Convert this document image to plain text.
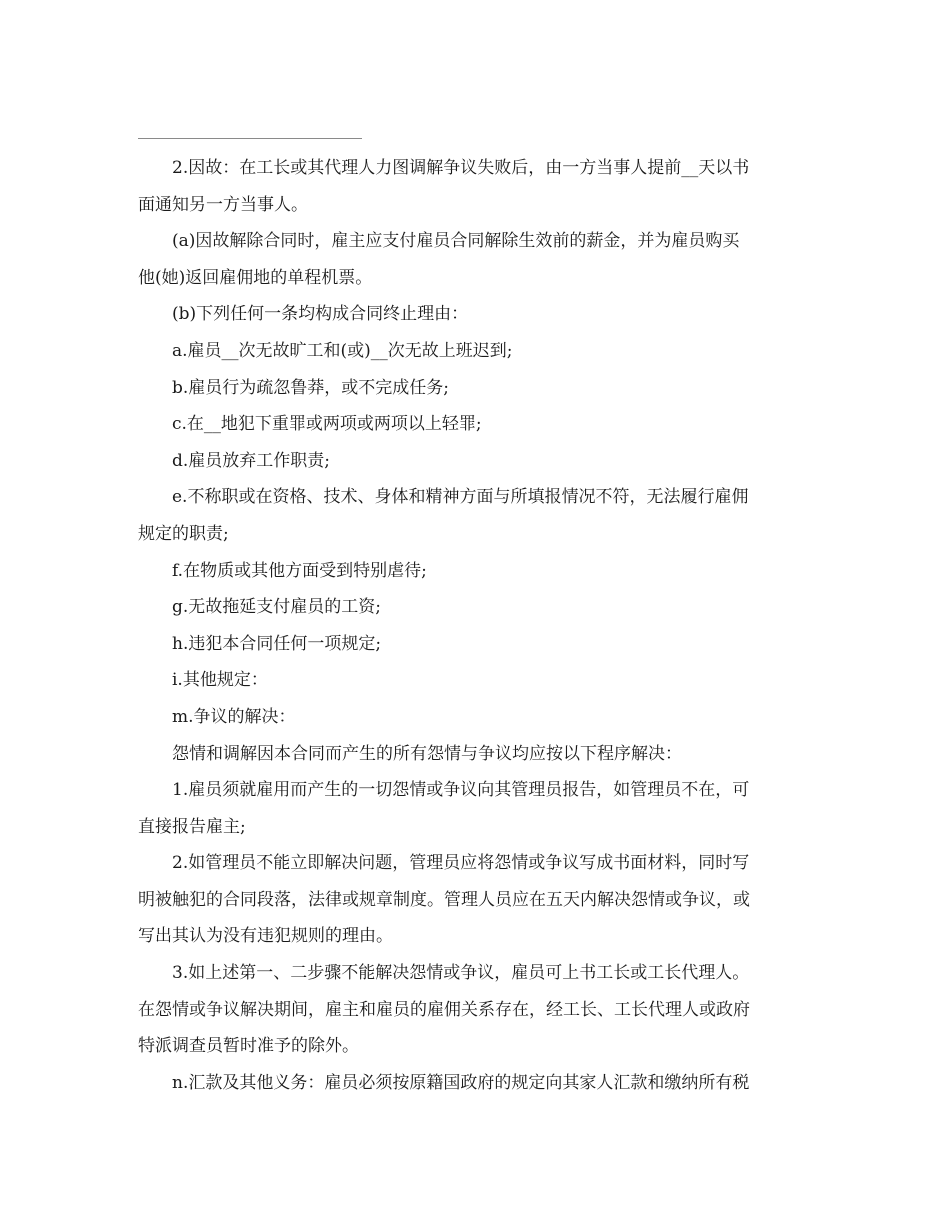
2.因故：在工长或其代理人力图调解争议失败后，由一方当事人提前__天以书
面通知另一方当事人。

(a)因故解除合同时，雇主应支付雇员合同解除生效前的薪金，并为雇员购买
他(她)返回雇佣地的单程机票。

(b)下列任何一条均构成合同终止理由：

a.雇员__次无故旷工和(或)__次无故上班迟到;

b.雇员行为疏忽鲁莽，或不完成任务;

c.在__地犯下重罪或两项或两项以上轻罪;

d.雇员放弃工作职责;

e.不称职或在资格、技术、身体和精神方面与所填报情况不符，无法履行雇佣
规定的职责;

f.在物质或其他方面受到特别虐待;

g.无故拖延支付雇员的工资;

h.违犯本合同任何一项规定;

i.其他规定：

m.争议的解决：

怨情和调解因本合同而产生的所有怨情与争议均应按以下程序解决：

1.雇员须就雇用而产生的一切怨情或争议向其管理员报告，如管理员不在，可
直接报告雇主;

2.如管理员不能立即解决问题，管理员应将怨情或争议写成书面材料，同时写
明被触犯的合同段落，法律或规章制度。管理人员应在五天内解决怨情或争议，或
写出其认为没有违犯规则的理由。

3.如上述第一、二步骤不能解决怨情或争议，雇员可上书工长或工长代理人。
在怨情或争议解决期间，雇主和雇员的雇佣关系存在，经工长、工长代理人或政府
特派调查员暂时准予的除外。

n.汇款及其他义务：雇员必须按原籍国政府的规定向其家人汇款和缴纳所有税
